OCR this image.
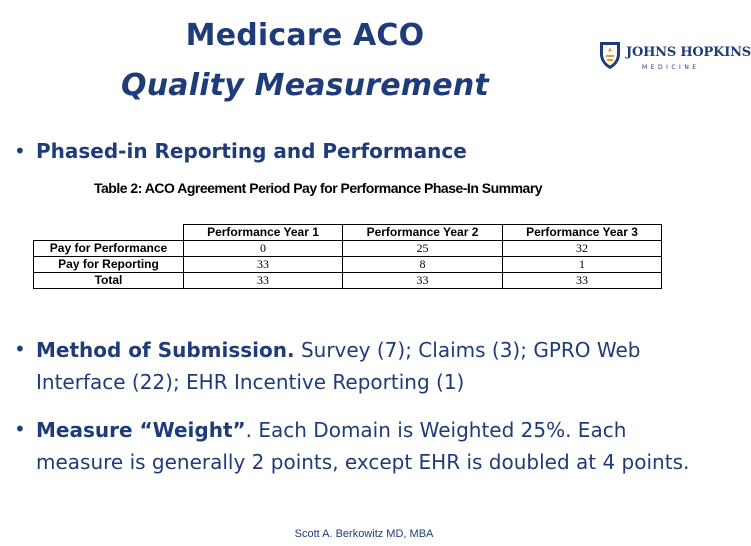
Medicare ACO
Quality Measurement
JOHNS HOPKINS
MEDICINE
• Phased-in Reporting and Performance
Table 2: ACO Agreement Period Pay for Performance Phase-In Summary
	Performance Year 1	Performance Year 2	Performance Year 3
Pay for Performance	0	25	32
Pay for Reporting	33	8	1
Total	33	33	33
• Method of Submission. Survey (7); Claims (3); GPRO Web Interface (22); EHR Incentive Reporting (1)
• Measure “Weight”. Each Domain is Weighted 25%. Each measure is generally 2 points, except EHR is doubled at 4 points.
Scott A. Berkowitz MD, MBA
